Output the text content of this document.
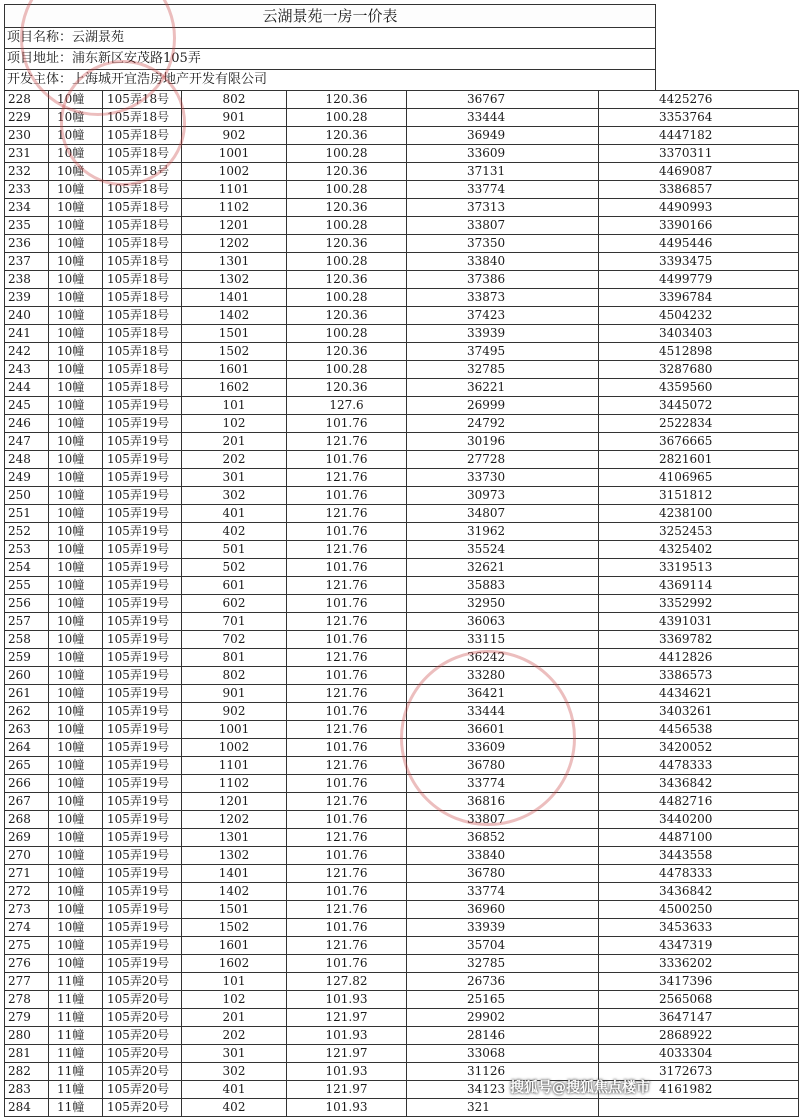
云湖景苑一房一价表
项目名称：云湖景苑
项目地址：浦东新区安茂路105弄
开发主体：上海城开宜浩房地产开发有限公司
228	10幢	105弄18号	802	120.36	36767	4425276
229	10幢	105弄18号	901	100.28	33444	3353764
230	10幢	105弄18号	902	120.36	36949	4447182
231	10幢	105弄18号	1001	100.28	33609	3370311
232	10幢	105弄18号	1002	120.36	37131	4469087
233	10幢	105弄18号	1101	100.28	33774	3386857
234	10幢	105弄18号	1102	120.36	37313	4490993
235	10幢	105弄18号	1201	100.28	33807	3390166
236	10幢	105弄18号	1202	120.36	37350	4495446
237	10幢	105弄18号	1301	100.28	33840	3393475
238	10幢	105弄18号	1302	120.36	37386	4499779
239	10幢	105弄18号	1401	100.28	33873	3396784
240	10幢	105弄18号	1402	120.36	37423	4504232
241	10幢	105弄18号	1501	100.28	33939	3403403
242	10幢	105弄18号	1502	120.36	37495	4512898
243	10幢	105弄18号	1601	100.28	32785	3287680
244	10幢	105弄18号	1602	120.36	36221	4359560
245	10幢	105弄19号	101	127.6	26999	3445072
246	10幢	105弄19号	102	101.76	24792	2522834
247	10幢	105弄19号	201	121.76	30196	3676665
248	10幢	105弄19号	202	101.76	27728	2821601
249	10幢	105弄19号	301	121.76	33730	4106965
250	10幢	105弄19号	302	101.76	30973	3151812
251	10幢	105弄19号	401	121.76	34807	4238100
252	10幢	105弄19号	402	101.76	31962	3252453
253	10幢	105弄19号	501	121.76	35524	4325402
254	10幢	105弄19号	502	101.76	32621	3319513
255	10幢	105弄19号	601	121.76	35883	4369114
256	10幢	105弄19号	602	101.76	32950	3352992
257	10幢	105弄19号	701	121.76	36063	4391031
258	10幢	105弄19号	702	101.76	33115	3369782
259	10幢	105弄19号	801	121.76	36242	4412826
260	10幢	105弄19号	802	101.76	33280	3386573
261	10幢	105弄19号	901	121.76	36421	4434621
262	10幢	105弄19号	902	101.76	33444	3403261
263	10幢	105弄19号	1001	121.76	36601	4456538
264	10幢	105弄19号	1002	101.76	33609	3420052
265	10幢	105弄19号	1101	121.76	36780	4478333
266	10幢	105弄19号	1102	101.76	33774	3436842
267	10幢	105弄19号	1201	121.76	36816	4482716
268	10幢	105弄19号	1202	101.76	33807	3440200
269	10幢	105弄19号	1301	121.76	36852	4487100
270	10幢	105弄19号	1302	101.76	33840	3443558
271	10幢	105弄19号	1401	121.76	36780	4478333
272	10幢	105弄19号	1402	101.76	33774	3436842
273	10幢	105弄19号	1501	121.76	36960	4500250
274	10幢	105弄19号	1502	101.76	33939	3453633
275	10幢	105弄19号	1601	121.76	35704	4347319
276	10幢	105弄19号	1602	101.76	32785	3336202
277	11幢	105弄20号	101	127.82	26736	3417396
278	11幢	105弄20号	102	101.93	25165	2565068
279	11幢	105弄20号	201	121.97	29902	3647147
280	11幢	105弄20号	202	101.93	28146	2868922
281	11幢	105弄20号	301	121.97	33068	4033304
282	11幢	105弄20号	302	101.93	31126	3172673
283	11幢	105弄20号	401	121.97	34123	4161982
284	11幢	105弄20号	402	101.93	321	
搜狐号@搜狐焦点楼市
